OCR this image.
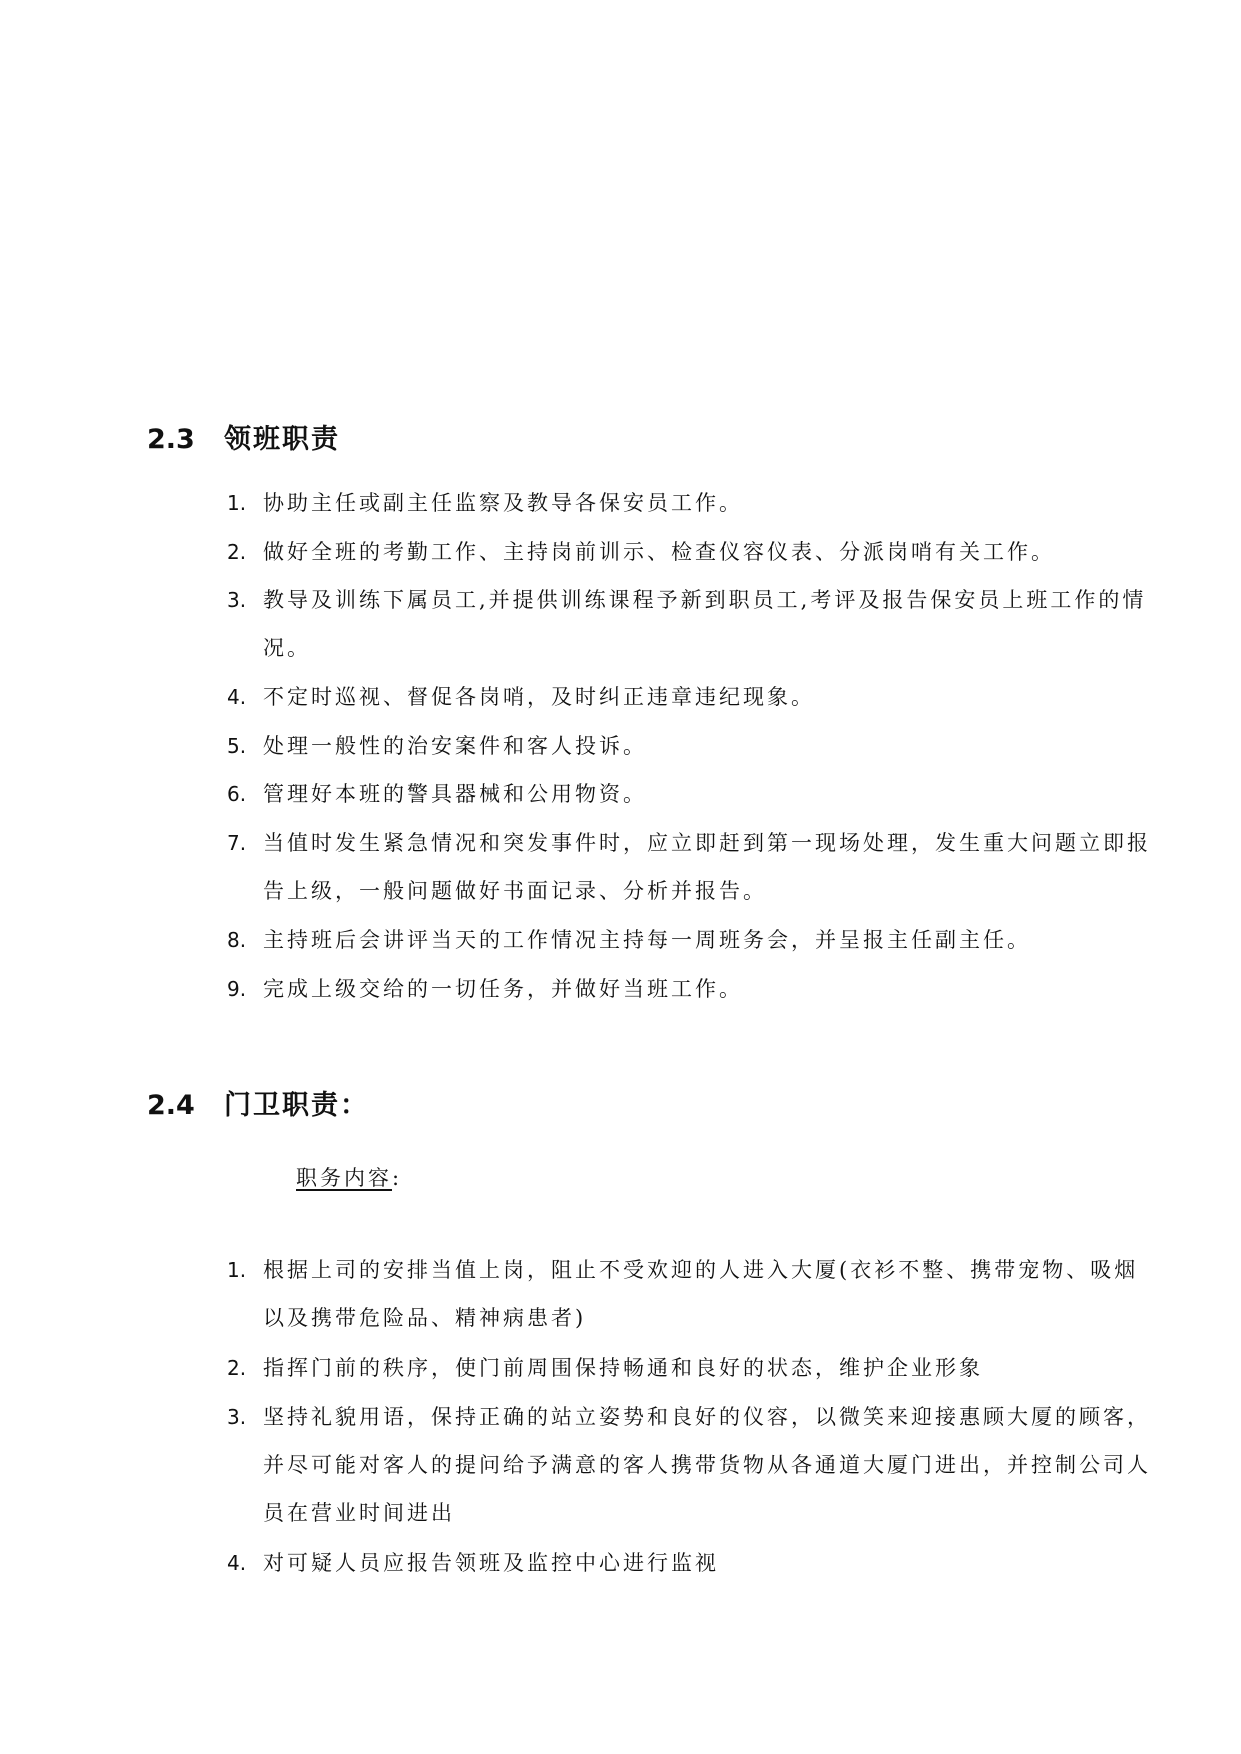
2.3	领班职责
1. 协助主任或副主任监察及教导各保安员工作。
2. 做好全班的考勤工作、主持岗前训示、检查仪容仪表、分派岗哨有关工作。
3. 教导及训练下属员工,并提供训练课程予新到职员工,考评及报告保安员上班工作的情况。
4. 不定时巡视、督促各岗哨，及时纠正违章违纪现象。
5. 处理一般性的治安案件和客人投诉。
6. 管理好本班的警具器械和公用物资。
7. 当值时发生紧急情况和突发事件时，应立即赶到第一现场处理，发生重大问题立即报告上级，一般问题做好书面记录、分析并报告。
8. 主持班后会讲评当天的工作情况主持每一周班务会，并呈报主任副主任。
9. 完成上级交给的一切任务，并做好当班工作。
2.4	门卫职责：
职务内容:
1. 根据上司的安排当值上岗，阻止不受欢迎的人进入大厦(衣衫不整、携带宠物、吸烟以及携带危险品、精神病患者)
2. 指挥门前的秩序，使门前周围保持畅通和良好的状态，维护企业形象
3. 坚持礼貌用语，保持正确的站立姿势和良好的仪容，以微笑来迎接惠顾大厦的顾客，并尽可能对客人的提问给予满意的客人携带货物从各通道大厦门进出，并控制公司人员在营业时间进出
4. 对可疑人员应报告领班及监控中心进行监视
